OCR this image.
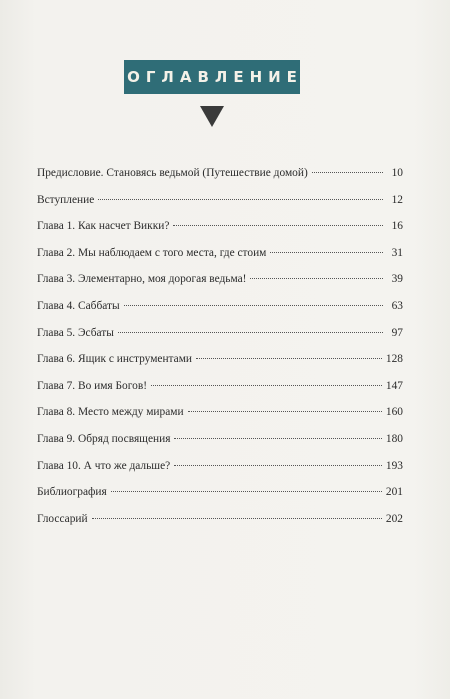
ОГЛАВЛЕНИЕ
Предисловие. Становясь ведьмой (Путешествие домой)	10
Вступление	12
Глава 1. Как насчет Викки?	16
Глава 2. Мы наблюдаем с того места, где стоим	31
Глава 3. Элементарно, моя дорогая ведьма!	39
Глава 4. Саббаты	63
Глава 5. Эсбаты	97
Глава 6. Ящик с инструментами	128
Глава 7. Во имя Богов!	147
Глава 8. Место между мирами	160
Глава 9. Обряд посвящения	180
Глава 10. А что же дальше?	193
Библиография	201
Глоссарий	202
